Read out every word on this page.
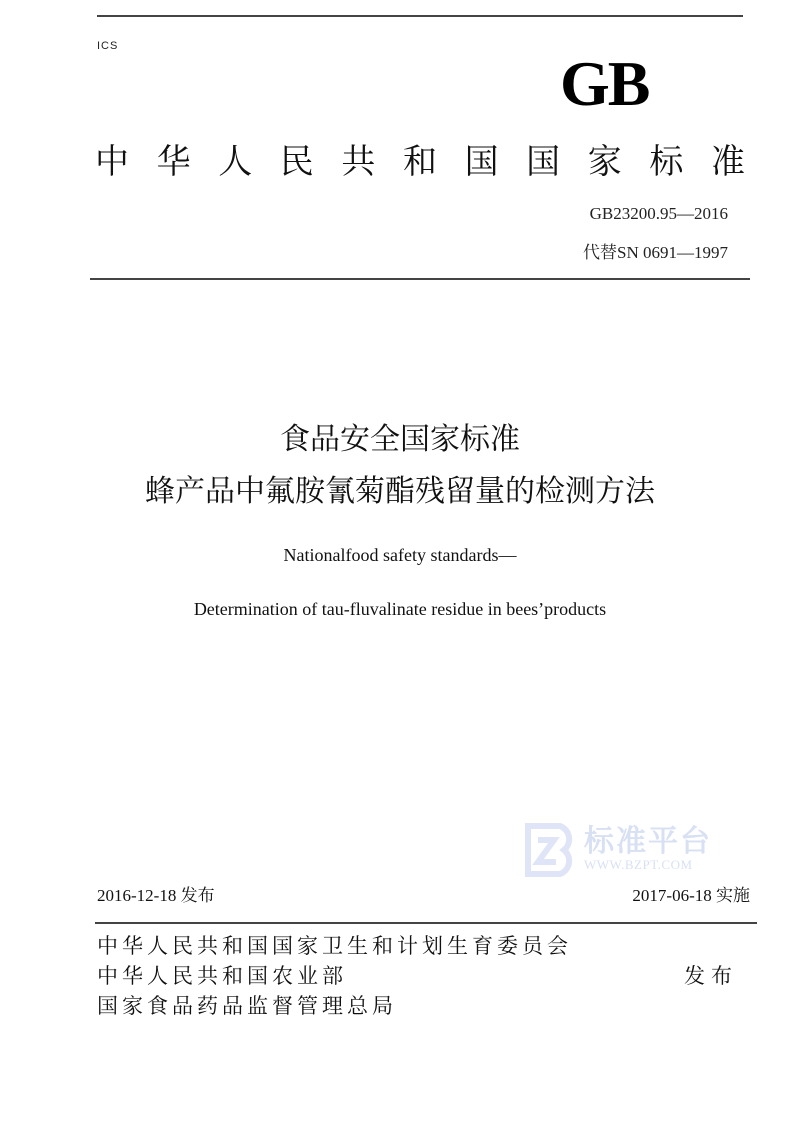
ICS
GB
中 华 人 民 共 和 国 国 家 标 准
GB23200.95—2016
代替SN 0691—1997
食品安全国家标准
蜂产品中氟胺氰菊酯残留量的检测方法
Nationalfood safety standards—
Determination of tau-fluvalinate residue in bees’products
标准平台
WWW.BZPT.COM
2016-12-18 发布	2017-06-18 实施
中华人民共和国国家卫生和计划生育委员会
中华人民共和国农业部
国家食品药品监督管理总局
发布
